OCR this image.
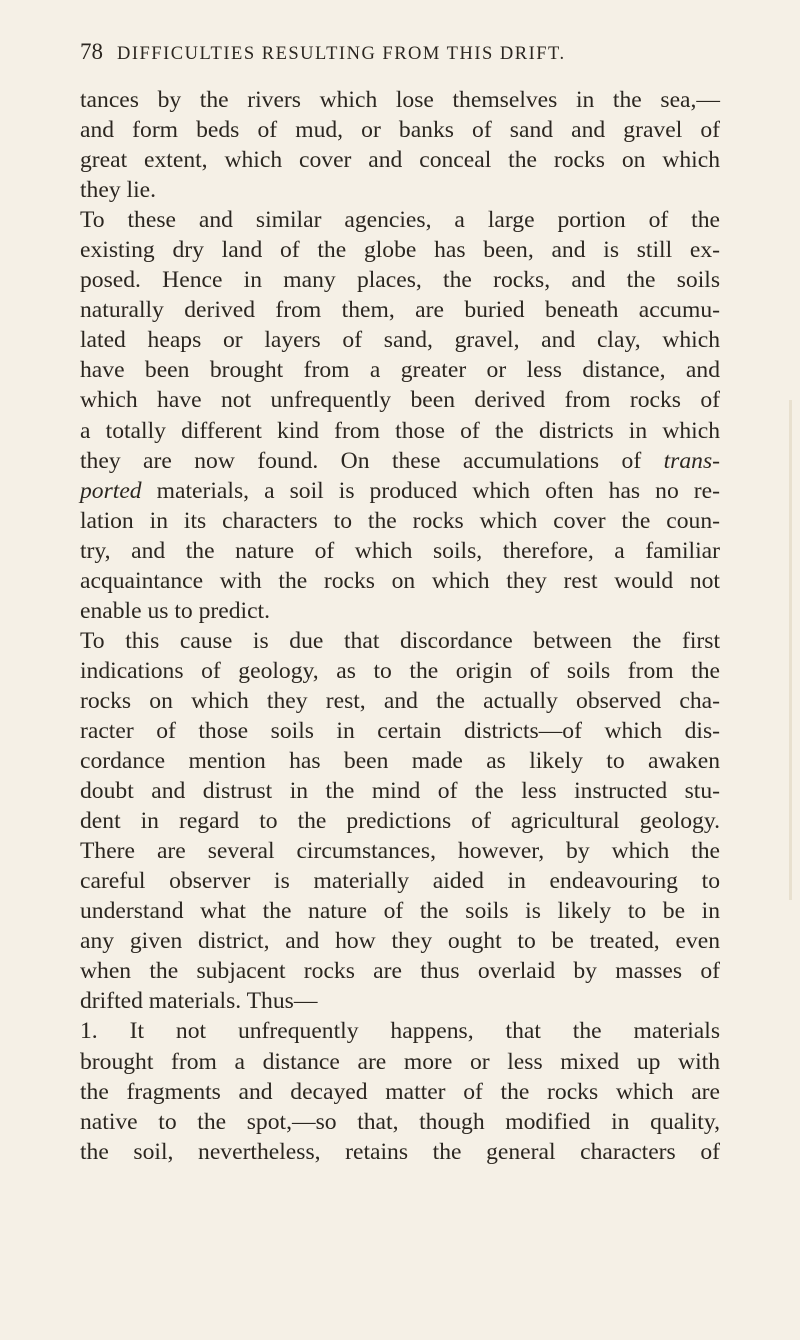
78 DIFFICULTIES RESULTING FROM THIS DRIFT.
tances by the rivers which lose themselves in the sea,—
and form beds of mud, or banks of sand and gravel of
great extent, which cover and conceal the rocks on which
they lie.
To these and similar agencies, a large portion of the
existing dry land of the globe has been, and is still ex-
posed. Hence in many places, the rocks, and the soils
naturally derived from them, are buried beneath accumu-
lated heaps or layers of sand, gravel, and clay, which
have been brought from a greater or less distance, and
which have not unfrequently been derived from rocks of
a totally different kind from those of the districts in which
they are now found. On these accumulations of trans-
ported materials, a soil is produced which often has no re-
lation in its characters to the rocks which cover the coun-
try, and the nature of which soils, therefore, a familiar
acquaintance with the rocks on which they rest would not
enable us to predict.
To this cause is due that discordance between the first
indications of geology, as to the origin of soils from the
rocks on which they rest, and the actually observed cha-
racter of those soils in certain districts—of which dis-
cordance mention has been made as likely to awaken
doubt and distrust in the mind of the less instructed stu-
dent in regard to the predictions of agricultural geology.
There are several circumstances, however, by which the
careful observer is materially aided in endeavouring to
understand what the nature of the soils is likely to be in
any given district, and how they ought to be treated, even
when the subjacent rocks are thus overlaid by masses of
drifted materials. Thus—
1. It not unfrequently happens, that the materials
brought from a distance are more or less mixed up with
the fragments and decayed matter of the rocks which are
native to the spot,—so that, though modified in quality,
the soil, nevertheless, retains the general characters of
